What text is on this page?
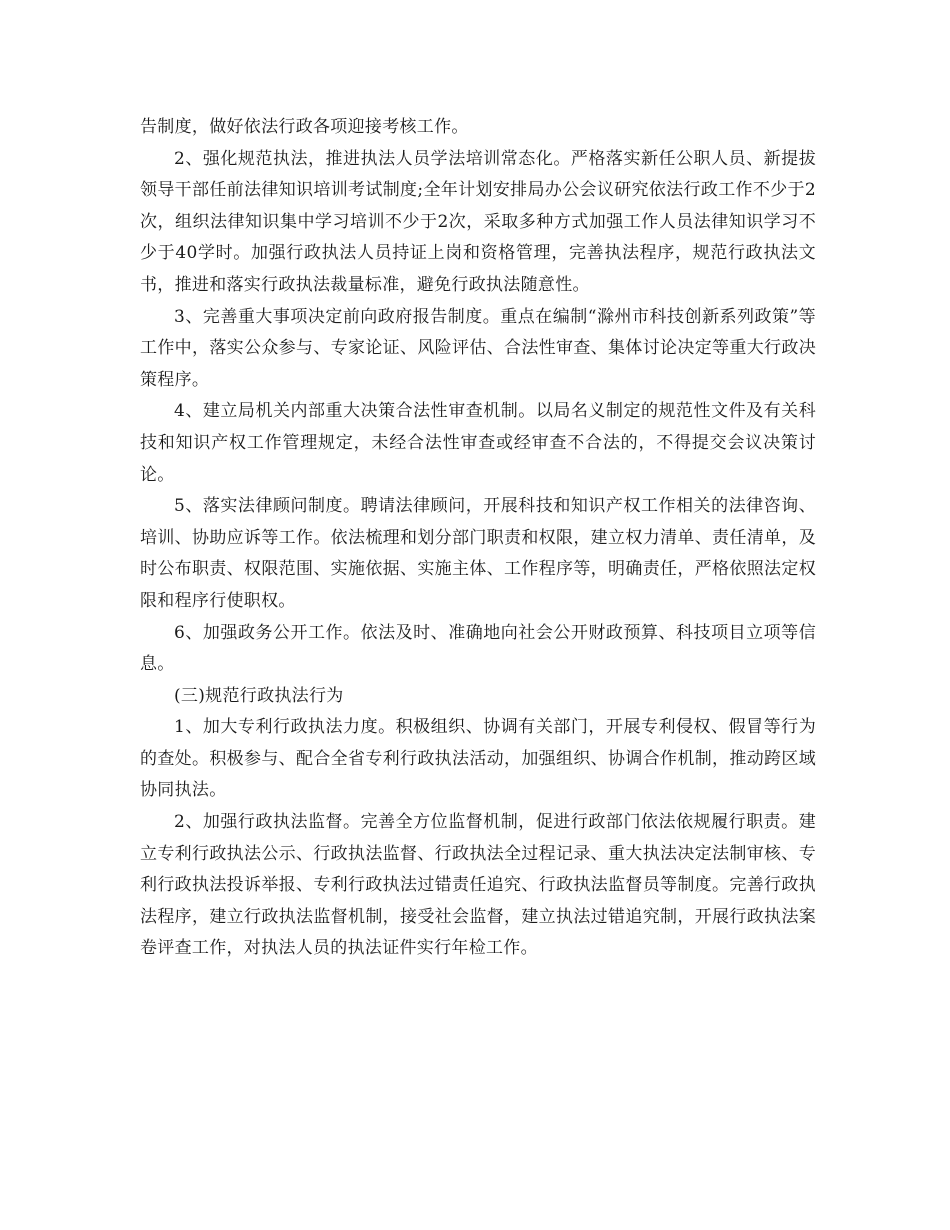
告制度，做好依法行政各项迎接考核工作。

2、强化规范执法，推进执法人员学法培训常态化。严格落实新任公职人员、新提拔领导干部任前法律知识培训考试制度;全年计划安排局办公会议研究依法行政工作不少于2次，组织法律知识集中学习培训不少于2次，采取多种方式加强工作人员法律知识学习不少于40学时。加强行政执法人员持证上岗和资格管理，完善执法程序，规范行政执法文书，推进和落实行政执法裁量标准，避免行政执法随意性。

3、完善重大事项决定前向政府报告制度。重点在编制“滁州市科技创新系列政策”等工作中，落实公众参与、专家论证、风险评估、合法性审查、集体讨论决定等重大行政决策程序。

4、建立局机关内部重大决策合法性审查机制。以局名义制定的规范性文件及有关科技和知识产权工作管理规定，未经合法性审查或经审查不合法的，不得提交会议决策讨论。

5、落实法律顾问制度。聘请法律顾问，开展科技和知识产权工作相关的法律咨询、培训、协助应诉等工作。依法梳理和划分部门职责和权限，建立权力清单、责任清单，及时公布职责、权限范围、实施依据、实施主体、工作程序等，明确责任，严格依照法定权限和程序行使职权。

6、加强政务公开工作。依法及时、准确地向社会公开财政预算、科技项目立项等信息。

(三)规范行政执法行为

1、加大专利行政执法力度。积极组织、协调有关部门，开展专利侵权、假冒等行为的查处。积极参与、配合全省专利行政执法活动，加强组织、协调合作机制，推动跨区域协同执法。

2、加强行政执法监督。完善全方位监督机制，促进行政部门依法依规履行职责。建立专利行政执法公示、行政执法监督、行政执法全过程记录、重大执法决定法制审核、专利行政执法投诉举报、专利行政执法过错责任追究、行政执法监督员等制度。完善行政执法程序，建立行政执法监督机制，接受社会监督，建立执法过错追究制，开展行政执法案卷评查工作，对执法人员的执法证件实行年检工作。
